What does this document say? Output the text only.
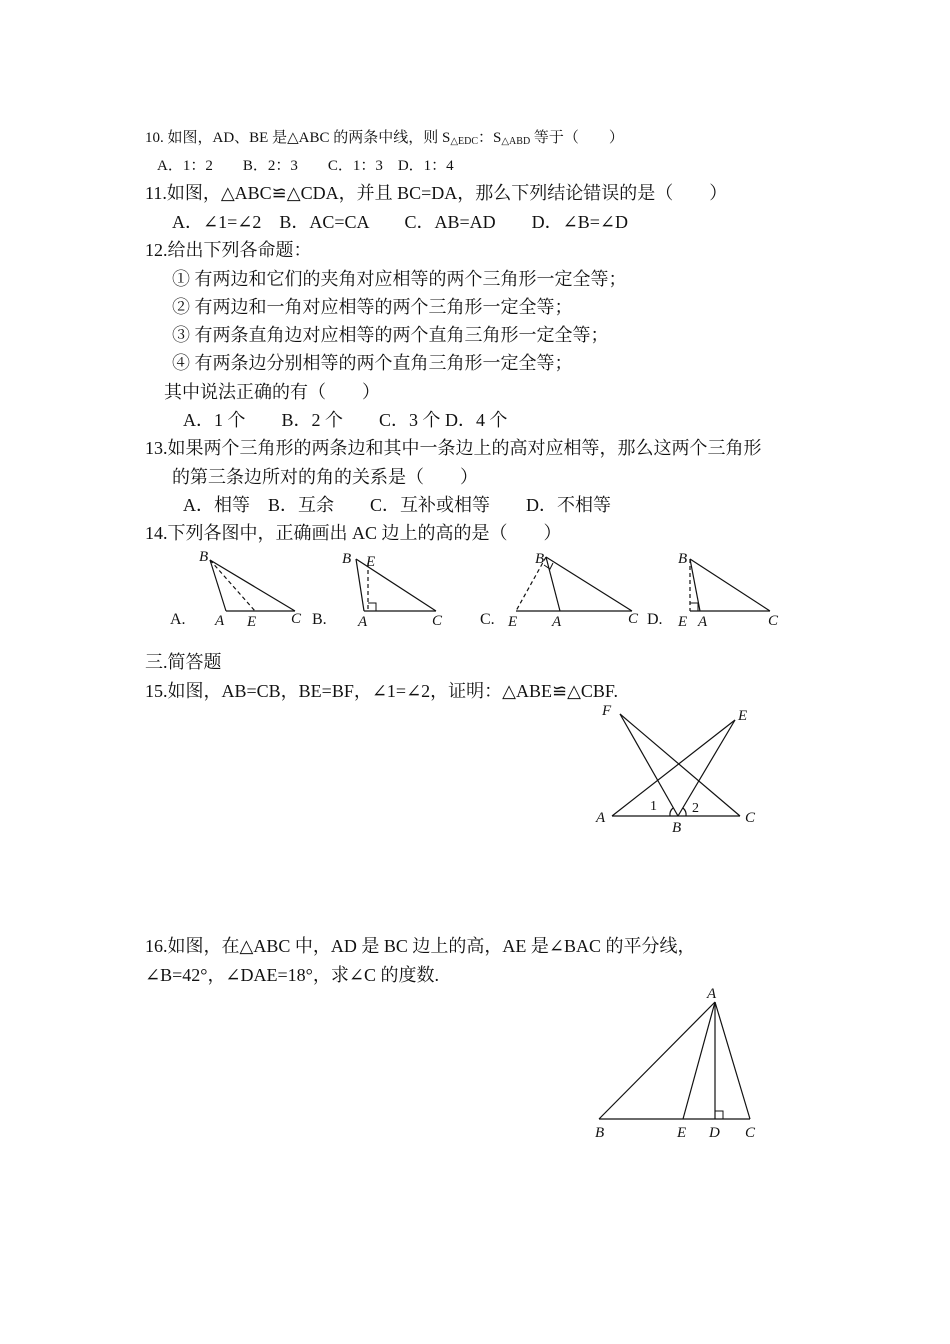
10. 如图，AD、BE 是△ABC 的两条中线，则 $S_{\triangle EDC}$：$S_{\triangle ABD}$ 等于（　　）
A．1：2　　B．2：3　　C．1：3　D．1：4
11.如图，△ABC≌△CDA，并且 BC=DA，那么下列结论错误的是（　　）
A．∠1=∠2　B．AC=CA　　C．AB=AD　　D．∠B=∠D
12.给出下列各命题：
① 有两边和它们的夹角对应相等的两个三角形一定全等；
② 有两边和一角对应相等的两个三角形一定全等；
③ 有两条直角边对应相等的两个直角三角形一定全等；
④ 有两条边分别相等的两个直角三角形一定全等；
其中说法正确的有（　　）
A．1 个　　B．2 个　　C．3 个 D．4 个
13.如果两个三角形的两条边和其中一条边上的高对应相等，那么这两个三角形
的第三条边所对的角的关系是（　　）
A．相等　B．互余　　C．互补或相等　　D．不相等
14.下列各图中，正确画出 AC 边上的高的是（　　）
A.	B.	C.	D.
B
A E C
B E
A	C
B
E A	C
B
E A	C
三.简答题
15.如图，AB=CB，BE=BF，∠1=∠2，证明：△ABE≌△CBF.
F	E
A
B
C
1	2
16.如图，在△ABC 中，AD 是 BC 边上的高，AE 是∠BAC 的平分线，
∠B=42°，∠DAE=18°，求∠C 的度数.
A
B	E D C
